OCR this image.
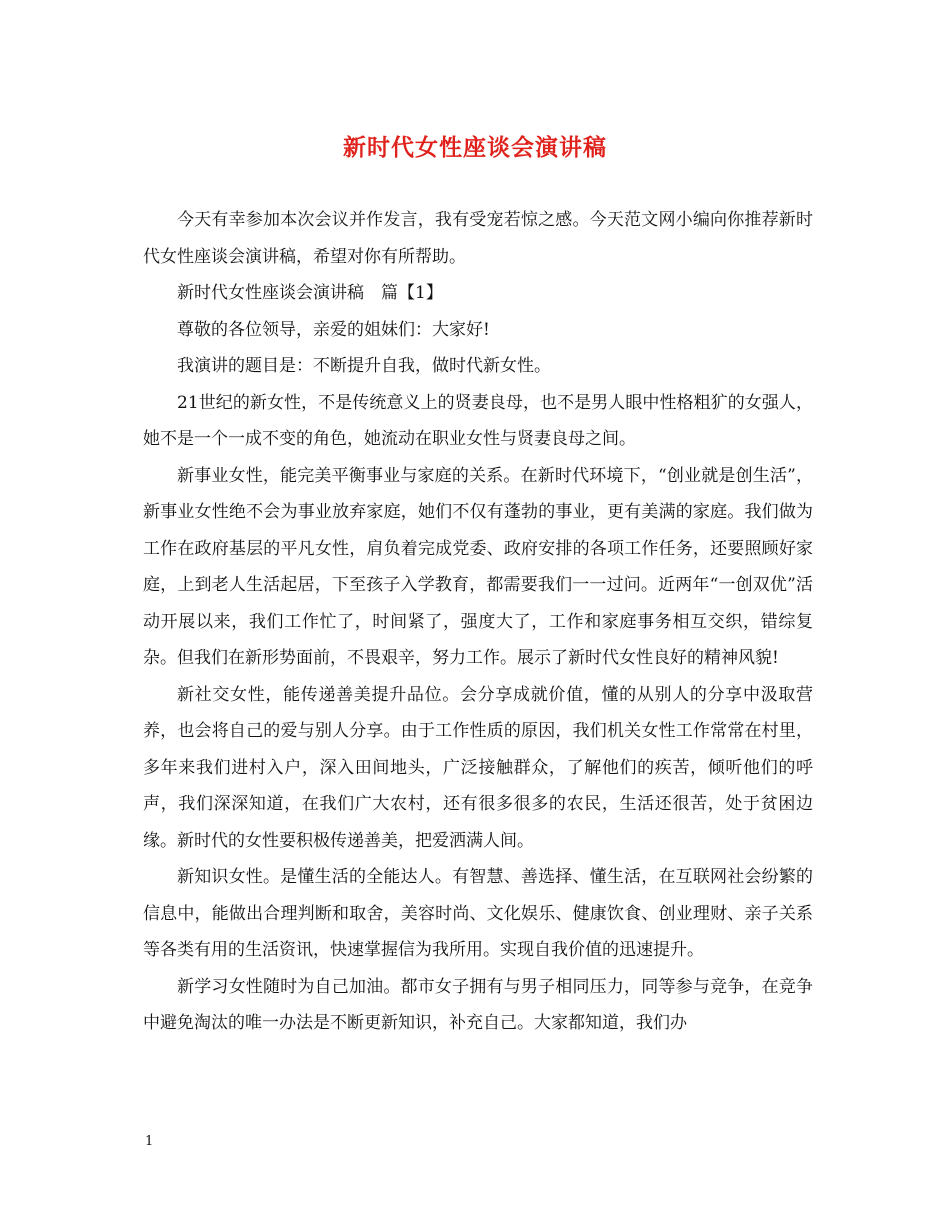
新时代女性座谈会演讲稿

今天有幸参加本次会议并作发言，我有受宠若惊之感。今天范文网小编向你推荐新时代女性座谈会演讲稿，希望对你有所帮助。

新时代女性座谈会演讲稿　篇【1】

尊敬的各位领导，亲爱的姐妹们：大家好!

我演讲的题目是：不断提升自我，做时代新女性。

21世纪的新女性，不是传统意义上的贤妻良母，也不是男人眼中性格粗犷的女强人，她不是一个一成不变的角色，她流动在职业女性与贤妻良母之间。

新事业女性，能完美平衡事业与家庭的关系。在新时代环境下，“创业就是创生活”，新事业女性绝不会为事业放弃家庭，她们不仅有蓬勃的事业，更有美满的家庭。我们做为工作在政府基层的平凡女性，肩负着完成党委、政府安排的各项工作任务，还要照顾好家庭，上到老人生活起居，下至孩子入学教育，都需要我们一一过问。近两年“一创双优”活动开展以来，我们工作忙了，时间紧了，强度大了，工作和家庭事务相互交织，错综复杂。但我们在新形势面前，不畏艰辛，努力工作。展示了新时代女性良好的精神风貌!

新社交女性，能传递善美提升品位。会分享成就价值，懂的从别人的分享中汲取营养，也会将自己的爱与别人分享。由于工作性质的原因，我们机关女性工作常常在村里，多年来我们进村入户，深入田间地头，广泛接触群众，了解他们的疾苦，倾听他们的呼声，我们深深知道，在我们广大农村，还有很多很多的农民，生活还很苦，处于贫困边缘。新时代的女性要积极传递善美，把爱洒满人间。

新知识女性。是懂生活的全能达人。有智慧、善选择、懂生活，在互联网社会纷繁的信息中，能做出合理判断和取舍，美容时尚、文化娱乐、健康饮食、创业理财、亲子关系等各类有用的生活资讯，快速掌握信为我所用。实现自我价值的迅速提升。

新学习女性随时为自己加油。都市女子拥有与男子相同压力，同等参与竞争，在竞争中避免淘汰的唯一办法是不断更新知识，补充自己。大家都知道，我们办

1
